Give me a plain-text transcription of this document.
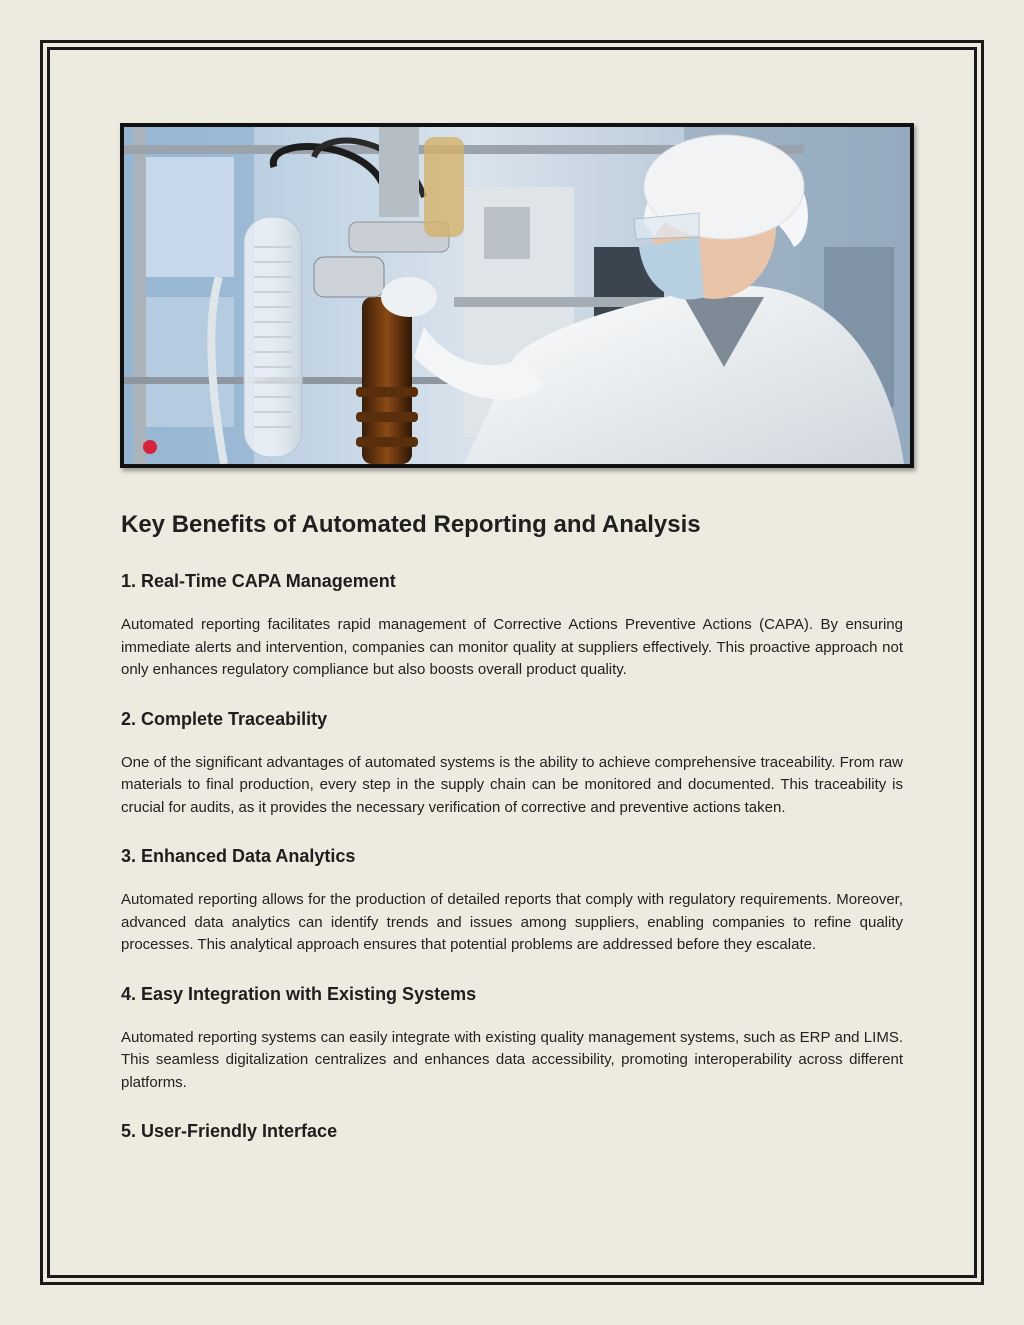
Key Benefits of Automated Reporting and Analysis
1. Real-Time CAPA Management

Automated reporting facilitates rapid management of Corrective Actions Preventive Actions (CAPA). By ensuring immediate alerts and intervention, companies can monitor quality at suppliers effectively. This proactive approach not only enhances regulatory compliance but also boosts overall product quality.

2. Complete Traceability

One of the significant advantages of automated systems is the ability to achieve comprehensive traceability. From raw materials to final production, every step in the supply chain can be monitored and documented. This traceability is crucial for audits, as it provides the necessary verification of corrective and preventive actions taken.

3. Enhanced Data Analytics

Automated reporting allows for the production of detailed reports that comply with regulatory requirements. Moreover, advanced data analytics can identify trends and issues among suppliers, enabling companies to refine quality processes. This analytical approach ensures that potential problems are addressed before they escalate.

4. Easy Integration with Existing Systems

Automated reporting systems can easily integrate with existing quality management systems, such as ERP and LIMS. This seamless digitalization centralizes and enhances data accessibility, promoting interoperability across different platforms.

5. User-Friendly Interface
